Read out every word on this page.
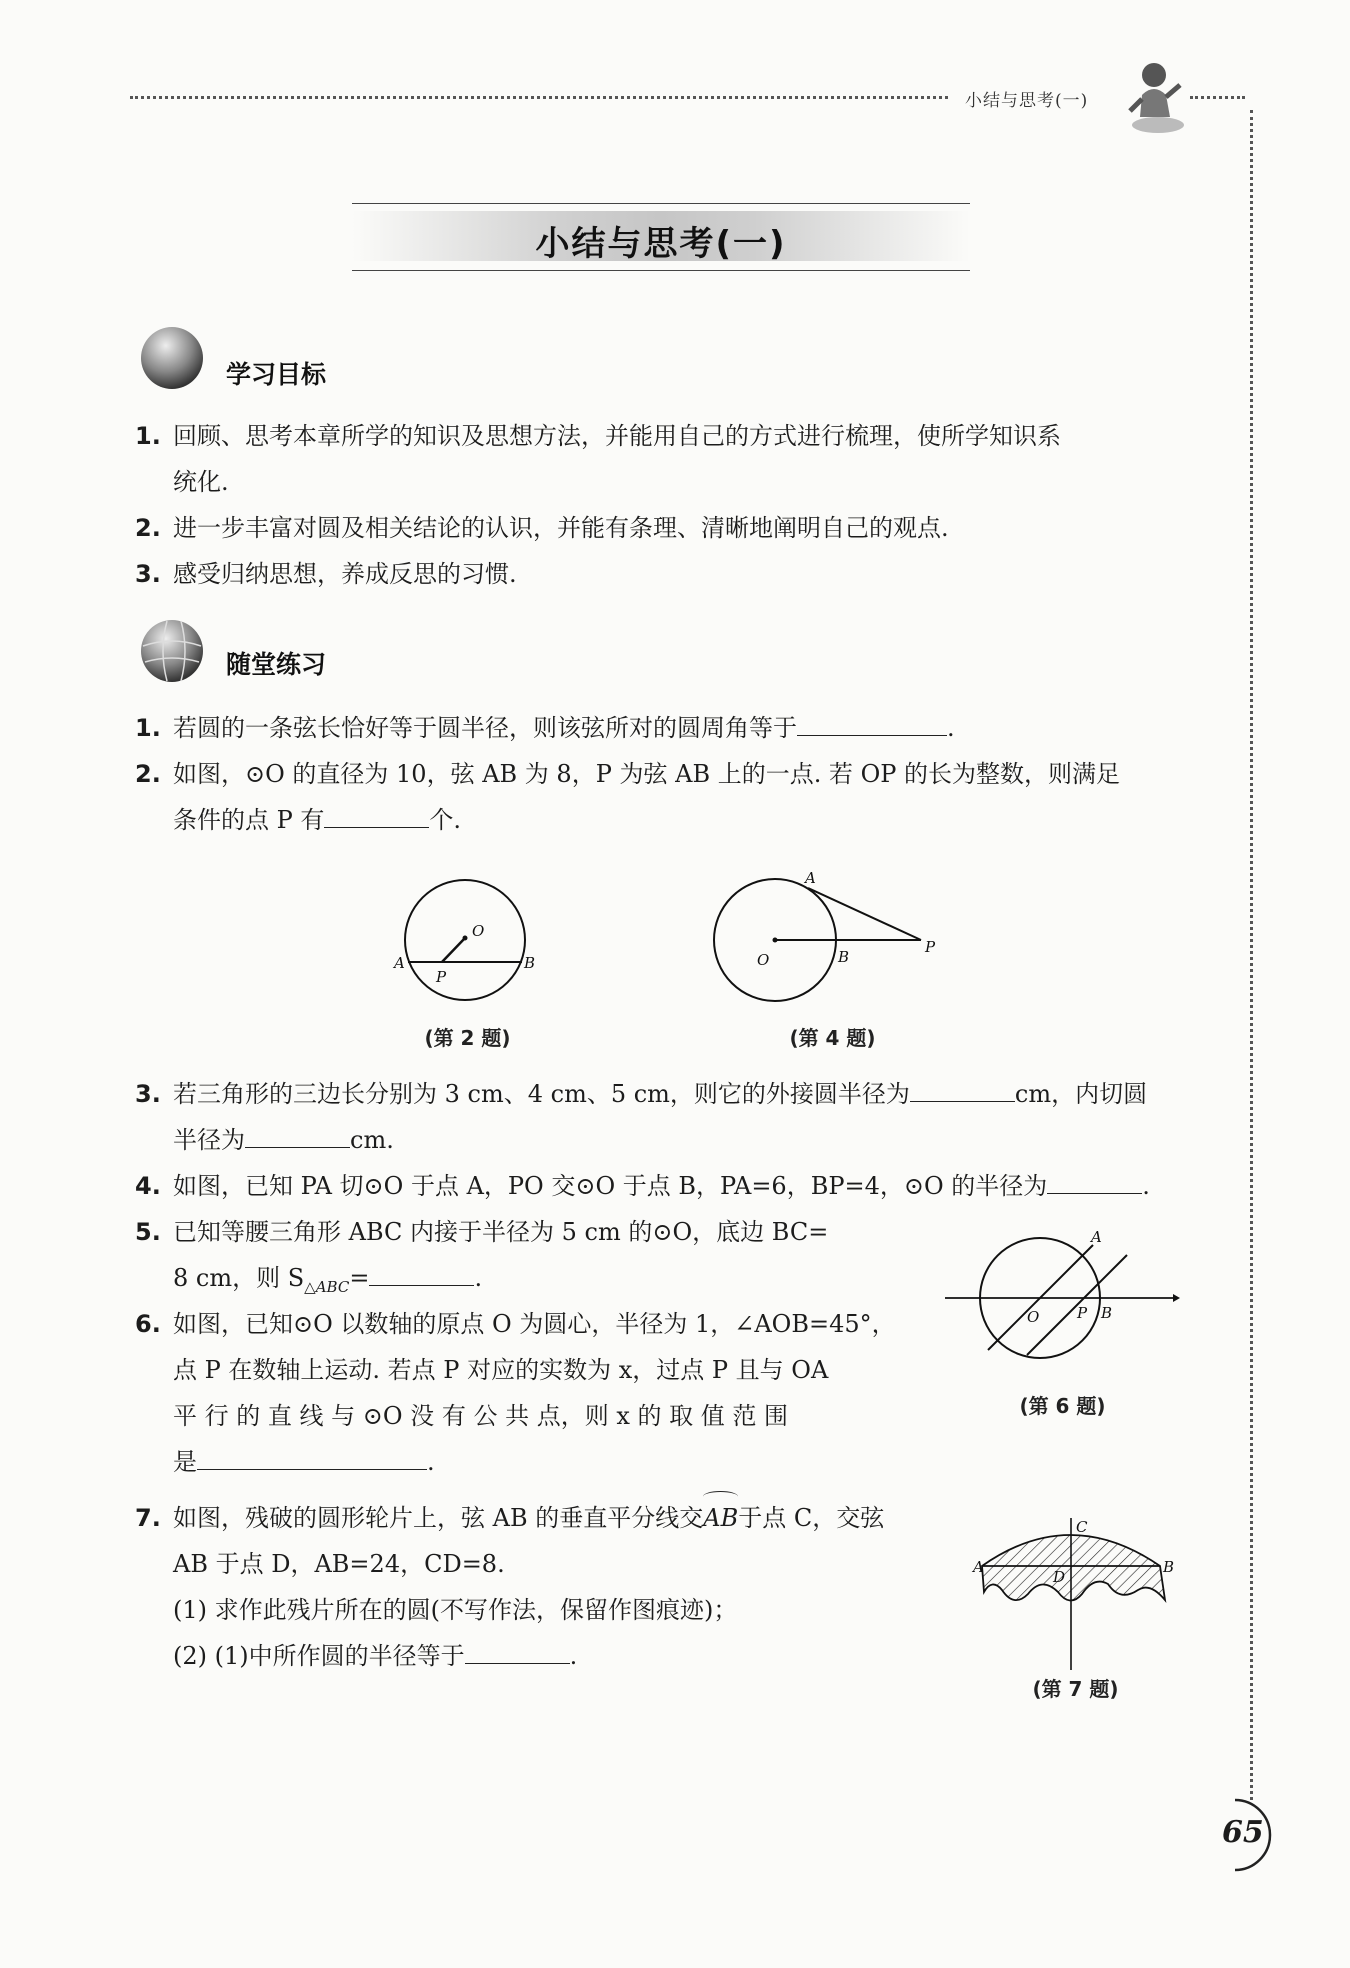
小结与思考(一)
小结与思考(一)
学习目标
1. 回顾、思考本章所学的知识及思想方法，并能用自己的方式进行梳理，使所学知识系
统化.
2. 进一步丰富对圆及相关结论的认识，并能有条理、清晰地阐明自己的观点.
3. 感受归纳思想，养成反思的习惯.
随堂练习
1. 若圆的一条弦长恰好等于圆半径，则该弦所对的圆周角等于	.
2. 如图，⊙O 的直径为 10，弦 AB 为 8，P 为弦 AB 上的一点. 若 OP 的长为整数，则满足
条件的点 P 有	个.
O
A	B
P
(第 2 题)
O
A
B
P
(第 4 题)
3. 若三角形的三边长分别为 3 cm、4 cm、5 cm，则它的外接圆半径为	cm，内切圆
半径为	cm.
4. 如图，已知 PA 切⊙O 于点 A，PO 交⊙O 于点 B，PA=6，BP=4，⊙O 的半径为	.
5. 已知等腰三角形 ABC 内接于半径为 5 cm 的⊙O，底边 BC=
8 cm，则 $S_{\triangle ABC}=$	.
6. 如图，已知⊙O 以数轴的原点 O 为圆心，半径为 1，∠AOB=45°，
点 P 在数轴上运动. 若点 P 对应的实数为 x，过点 P 且与 OA
平 行 的 直 线 与 ⊙O 没 有 公 共 点，则 x 的 取 值 范 围
是	.
O
A
P B
(第 6 题)
7. 如图，残破的圆形轮片上，弦 AB 的垂直平分线交
AB于点 C，交弦
AB 于点 D，AB=24，CD=8.
(1) 求作此残片所在的圆(不写作法，保留作图痕迹)；
(2) (1)中所作圆的半径等于	.
A	B
C
D
(第 7 题)
65
